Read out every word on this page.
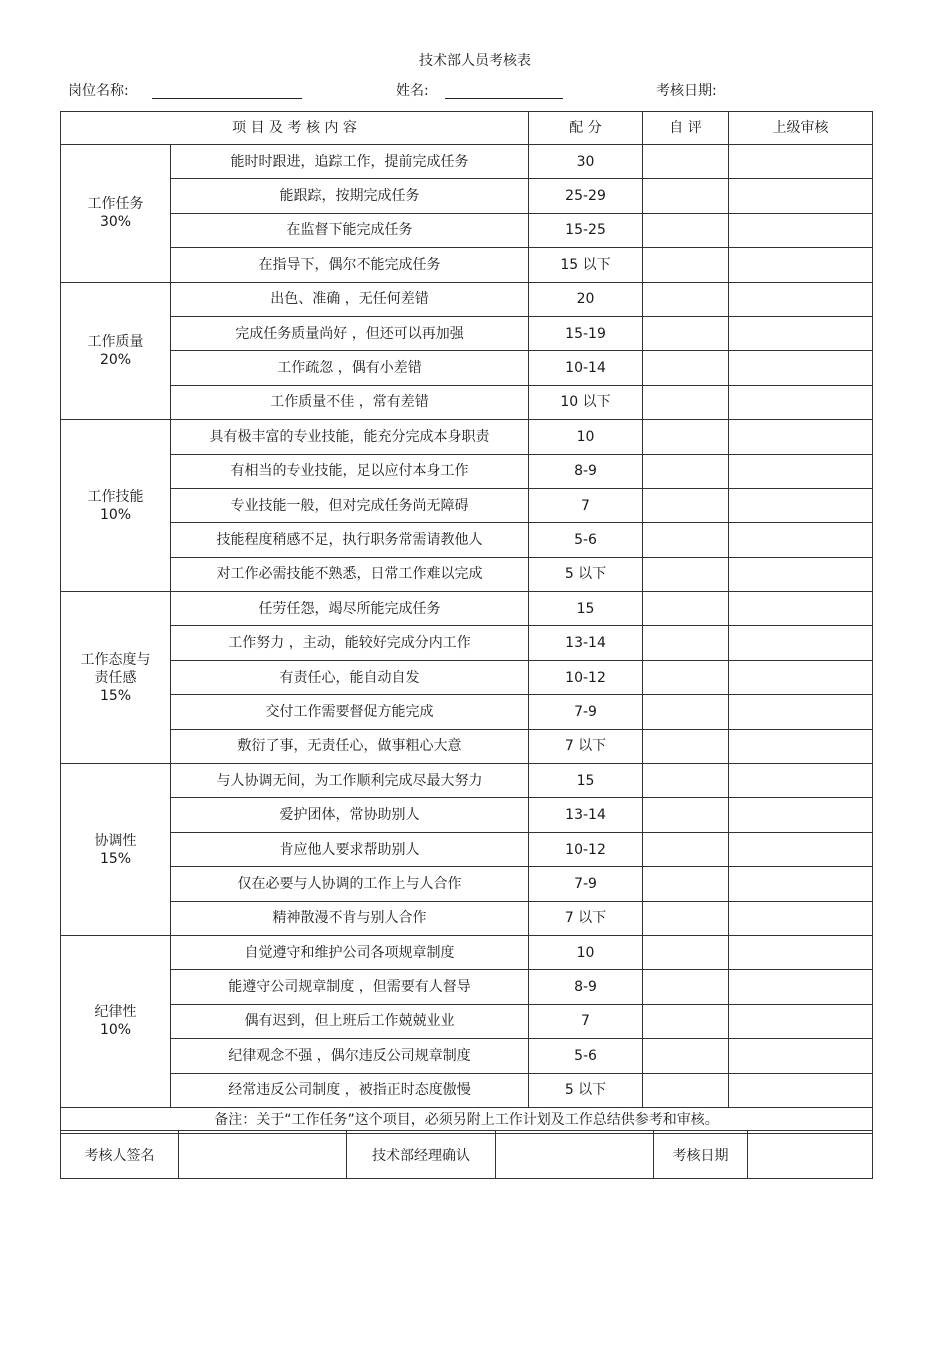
技术部人员考核表
岗位名称:	姓名:	考核日期:
项 目 及 考 核 内 容		配 分	自 评	上级审核

工作任务
30%	能时时跟进，追踪工作，提前完成任务	30		
	能跟踪，按期完成任务	25-29		
	在监督下能完成任务	15-25		
	在指导下，偶尔不能完成任务	15 以下		

工作质量
20%	出色、准确 ，无任何差错	20		
	完成任务质量尚好 ，但还可以再加强	15-19		
	工作疏忽 ，偶有小差错	10-14		
	工作质量不佳 ，常有差错	10 以下		

工作技能
10%	具有极丰富的专业技能，能充分完成本身职责	10		
	有相当的专业技能，足以应付本身工作	8-9		
	专业技能一般，但对完成任务尚无障碍	7		
	技能程度稍感不足，执行职务常需请教他人	5-6		
	对工作必需技能不熟悉，日常工作难以完成	5 以下		

工作态度与
责任感
15%	任劳任怨，竭尽所能完成任务	15		
	工作努力 ，主动，能较好完成分内工作	13-14		
	有责任心，能自动自发	10-12		
	交付工作需要督促方能完成	7-9		
	敷衍了事，无责任心，做事粗心大意	7 以下		

协调性
15%	与人协调无间，为工作顺利完成尽最大努力	15		
	爱护团体，常协助别人	13-14		
	肯应他人要求帮助别人	10-12		
	仅在必要与人协调的工作上与人合作	7-9		
	精神散漫不肯与别人合作	7 以下		

纪律性
10%	自觉遵守和维护公司各项规章制度	10		
	能遵守公司规章制度 ，但需要有人督导	8-9		
	偶有迟到，但上班后工作兢兢业业	7		
	纪律观念不强 ，偶尔违反公司规章制度	5-6		
	经常违反公司制度 ，被指正时态度傲慢	5 以下		
备注：关于“工作任务”这个项目，必须另附上工作计划及工作总结供参考和审核。				
考核人签名		技术部经理确认		考核日期	
